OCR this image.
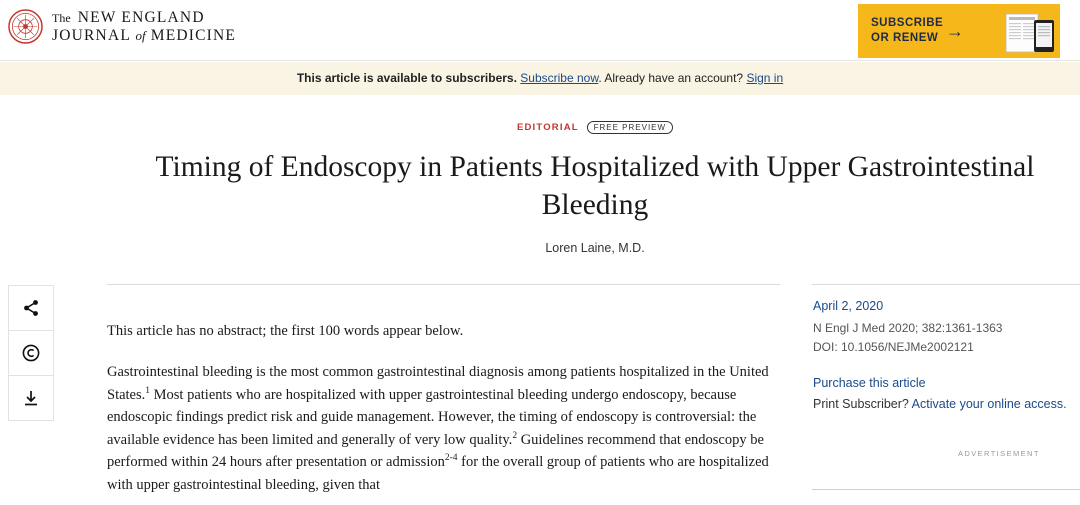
The NEW ENGLAND
JOURNAL of MEDICINE
SUBSCRIBE
OR RENEW →
This article is available to subscribers. Subscribe now. Already have an account? Sign in
EDITORIAL FREE PREVIEW
Timing of Endoscopy in Patients Hospitalized with Upper Gastrointestinal Bleeding
Loren Laine, M.D.
This article has no abstract; the first 100 words appear below.

Gastrointestinal bleeding is the most common gastrointestinal diagnosis among patients hospitalized in the United States.$^1$ Most patients who are hospitalized with upper gastrointestinal bleeding undergo endoscopy, because endoscopic findings predict risk and guide management. However, the timing of endoscopy is controversial: the available evidence has been limited and generally of very low quality.$^2$ Guidelines recommend that endoscopy be performed within 24 hours after presentation or admission$^{2-4}$ for the overall group of patients who are hospitalized with upper gastrointestinal bleeding, given that

April 2, 2020
N Engl J Med 2020; 382:1361-1363
DOI: 10.1056/NEJMe2002121
Purchase this article
Print Subscriber? Activate your online access.
ADVERTISEMENT
